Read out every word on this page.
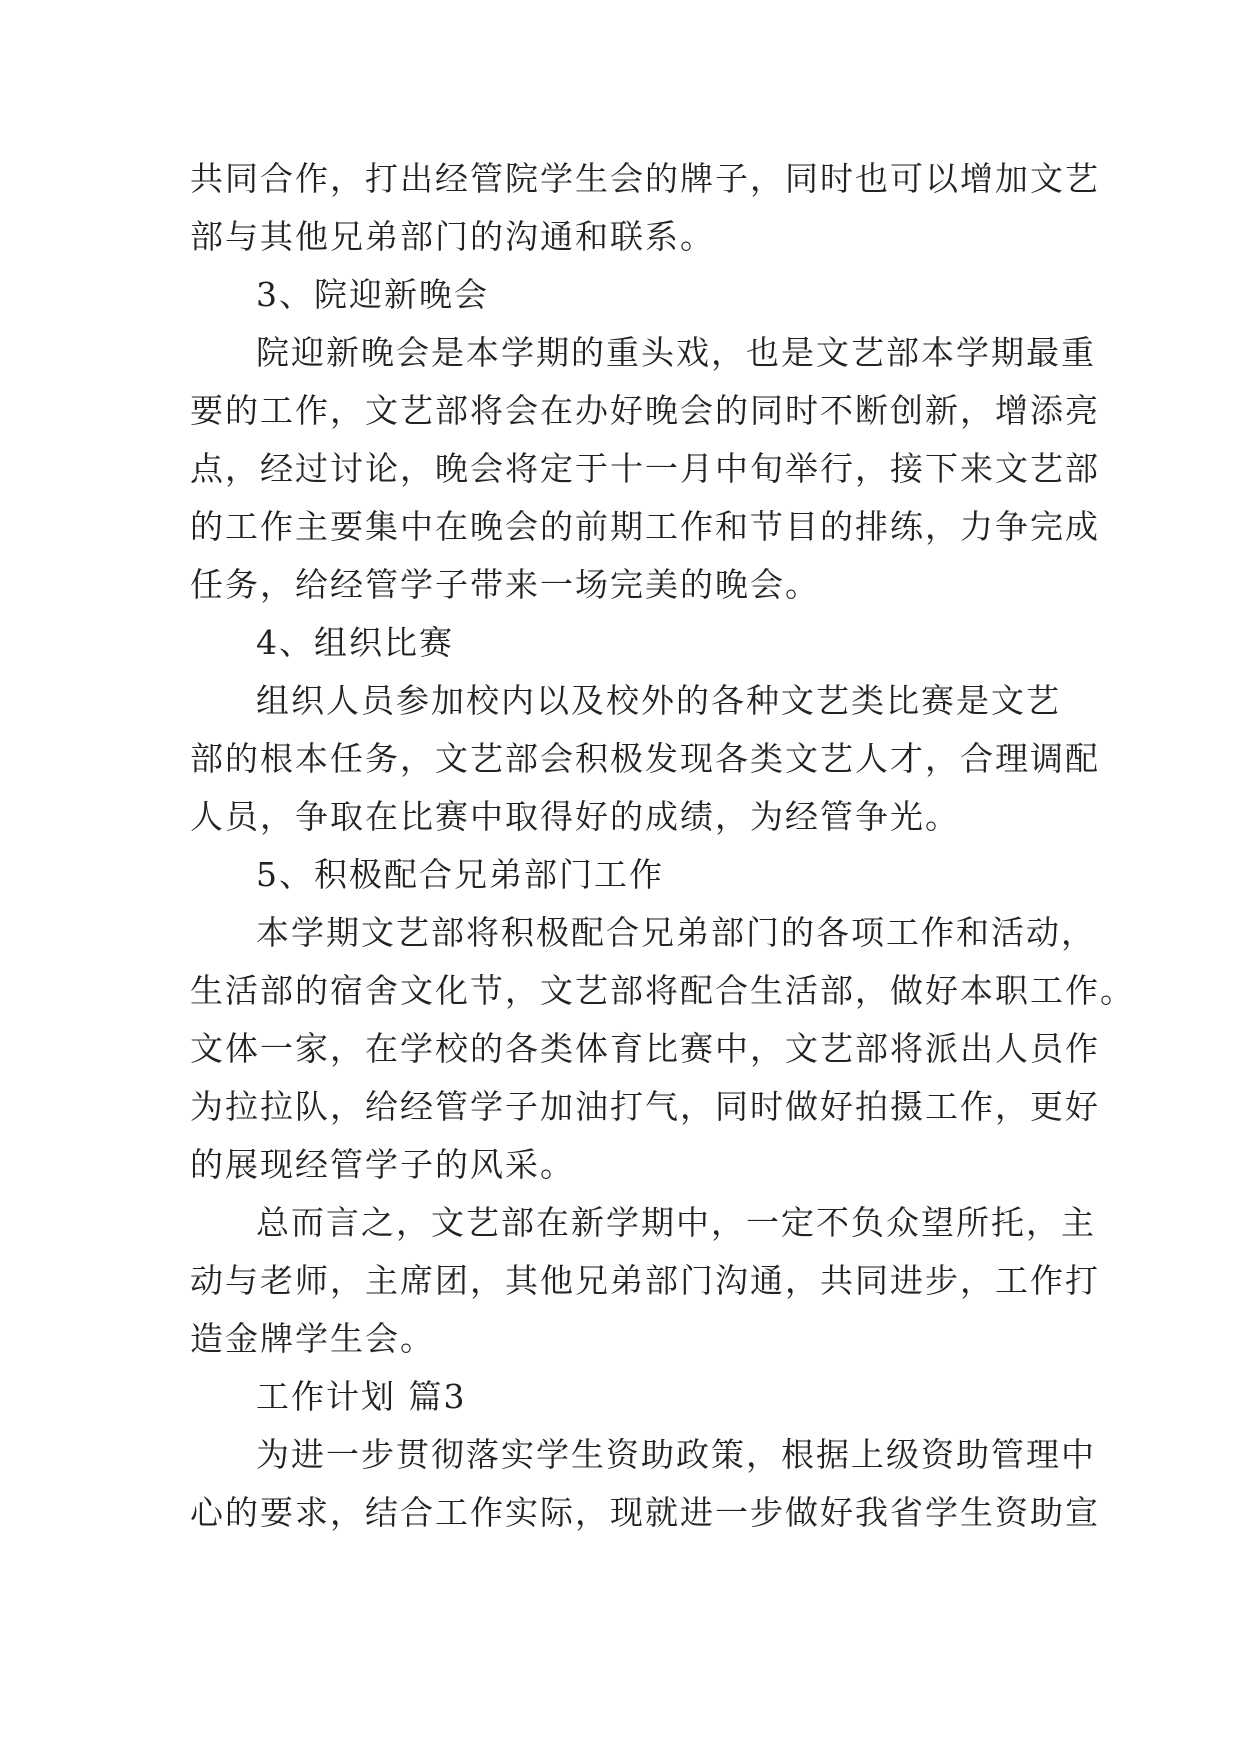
共同合作，打出经管院学生会的牌子，同时也可以增加文艺
部与其他兄弟部门的沟通和联系。
3、院迎新晚会
院迎新晚会是本学期的重头戏，也是文艺部本学期最重
要的工作，文艺部将会在办好晚会的同时不断创新，增添亮
点，经过讨论，晚会将定于十一月中旬举行，接下来文艺部
的工作主要集中在晚会的前期工作和节目的排练，力争完成
任务，给经管学子带来一场完美的晚会。
4、组织比赛
组织人员参加校内以及校外的各种文艺类比赛是文艺
部的根本任务，文艺部会积极发现各类文艺人才，合理调配
人员，争取在比赛中取得好的成绩，为经管争光。
5、积极配合兄弟部门工作
本学期文艺部将积极配合兄弟部门的各项工作和活动，
生活部的宿舍文化节，文艺部将配合生活部，做好本职工作。
文体一家，在学校的各类体育比赛中，文艺部将派出人员作
为拉拉队，给经管学子加油打气，同时做好拍摄工作，更好
的展现经管学子的风采。
总而言之，文艺部在新学期中，一定不负众望所托，主
动与老师，主席团，其他兄弟部门沟通，共同进步，工作打
造金牌学生会。
工作计划 篇3
为进一步贯彻落实学生资助政策，根据上级资助管理中
心的要求，结合工作实际，现就进一步做好我省学生资助宣
